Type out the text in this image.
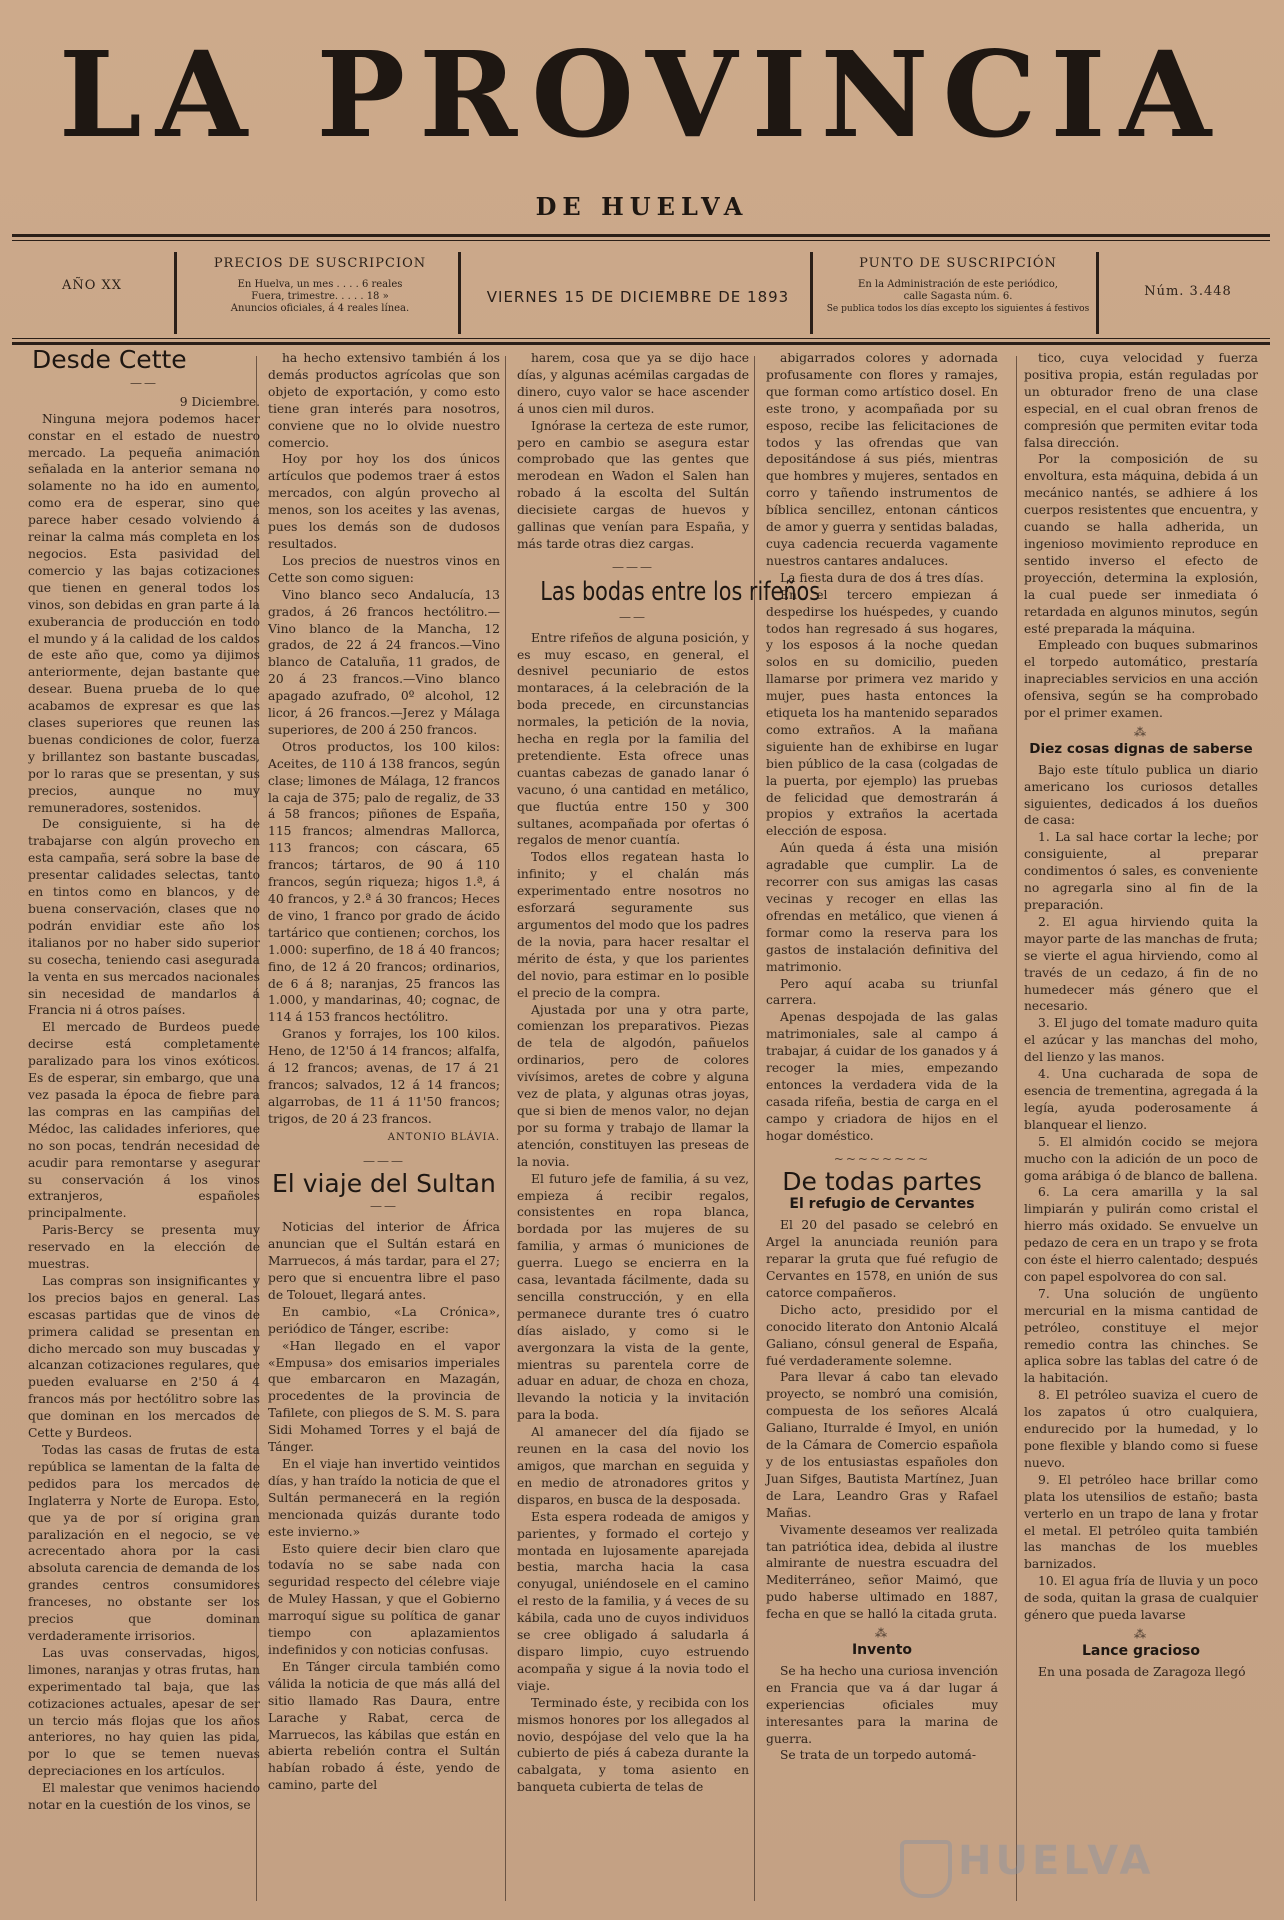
LA PROVINCIA
DE HUELVA
AÑO XX
PRECIOS DE SUSCRIPCION
En Huelva, un mes . . . . 6 reales
Fuera, trimestre. . . . . 18 »
Anuncios oficiales, á 4 reales línea.
VIERNES 15 DE DICIEMBRE DE 1893
PUNTO DE SUSCRIPCIÓN
En la Administración de este periódico,
calle Sagasta núm. 6.
Se publica todos los días excepto los siguientes á festivos
Núm. 3.448
Desde Cette
——

9 Diciembre.

Ninguna mejora podemos hacer constar en el estado de nuestro mercado. La pequeña animación señalada en la anterior semana no solamente no ha ido en aumento, como era de esperar, sino que parece haber cesado volviendo á reinar la calma más completa en los negocios. Esta pasividad del comercio y las bajas cotizaciones que tienen en general todos los vinos, son debidas en gran parte á la exuberancia de producción en todo el mundo y á la calidad de los caldos de este año que, como ya dijimos anteriormente, dejan bastante que desear. Buena prueba de lo que acabamos de expresar es que las clases superiores que reunen las buenas condiciones de color, fuerza y brillantez son bastante buscadas, por lo raras que se presentan, y sus precios, aunque no muy remuneradores, sostenidos.

De consiguiente, si ha de trabajarse con algún provecho en esta campaña, será sobre la base de presentar calidades selectas, tanto en tintos como en blancos, y de buena conservación, clases que no podrán envidiar este año los italianos por no haber sido superior su cosecha, teniendo casi asegurada la venta en sus mercados nacionales sin necesidad de mandarlos á Francia ni á otros países.

El mercado de Burdeos puede decirse está completamente paralizado para los vinos exóticos. Es de esperar, sin embargo, que una vez pasada la época de fiebre para las compras en las campiñas del Médoc, las calidades inferiores, que no son pocas, tendrán necesidad de acudir para remontarse y asegurar su conservación á los vinos extranjeros, españoles principalmente.

Paris-Bercy se presenta muy reservado en la elección de muestras.

Las compras son insignificantes y los precios bajos en general. Las escasas partidas que de vinos de primera calidad se presentan en dicho mercado son muy buscadas y alcanzan cotizaciones regulares, que pueden evaluarse en 2'50 á 4 francos más por hectólitro sobre las que dominan en los mercados de Cette y Burdeos.

Todas las casas de frutas de esta república se lamentan de la falta de pedidos para los mercados de Inglaterra y Norte de Europa. Esto, que ya de por sí origina gran paralización en el negocio, se ve acrecentado ahora por la casi absoluta carencia de demanda de los grandes centros consumidores franceses, no obstante ser los precios que dominan verdaderamente irrisorios.

Las uvas conservadas, higos, limones, naranjas y otras frutas, han experimentado tal baja, que las cotizaciones actuales, apesar de ser un tercio más flojas que los años anteriores, no hay quien las pida, por lo que se temen nuevas depreciaciones en los artículos.

El malestar que venimos haciendo notar en la cuestión de los vinos, se

ha hecho extensivo también á los demás productos agrícolas que son objeto de exportación, y como esto tiene gran interés para nosotros, conviene que no lo olvide nuestro comercio.

Hoy por hoy los dos únicos artículos que podemos traer á estos mercados, con algún provecho al menos, son los aceites y las avenas, pues los demás son de dudosos resultados.

Los precios de nuestros vinos en Cette son como siguen:

Vino blanco seco Andalucía, 13 grados, á 26 francos hectólitro.—Vino blanco de la Mancha, 12 grados, de 22 á 24 francos.—Vino blanco de Cataluña, 11 grados, de 20 á 23 francos.—Vino blanco apagado azufrado, 0º alcohol, 12 licor, á 26 francos.—Jerez y Málaga superiores, de 200 á 250 francos.

Otros productos, los 100 kilos: Aceites, de 110 á 138 francos, según clase; limones de Málaga, 12 francos la caja de 375; palo de regaliz, de 33 á 58 francos; piñones de España, 115 francos; almendras Mallorca, 113 francos; con cáscara, 65 francos; tártaros, de 90 á 110 francos, según riqueza; higos 1.ª, á 40 francos, y 2.ª á 30 francos; Heces de vino, 1 franco por grado de ácido tartárico que contienen; corchos, los 1.000: superfino, de 18 á 40 francos; fino, de 12 á 20 francos; ordinarios, de 6 á 8; naranjas, 25 francos las 1.000, y mandarinas, 40; cognac, de 114 á 153 francos hectólitro.

Granos y forrajes, los 100 kilos. Heno, de 12'50 á 14 francos; alfalfa, á 12 francos; avenas, de 17 á 21 francos; salvados, 12 á 14 francos; algarrobas, de 11 á 11'50 francos; trigos, de 20 á 23 francos.

ANTONIO BLÁVIA.
———
El viaje del Sultan
——

Noticias del interior de África anuncian que el Sultán estará en Marruecos, á más tardar, para el 27; pero que si encuentra libre el paso de Tolouet, llegará antes.

En cambio, «La Crónica», periódico de Tánger, escribe:

«Han llegado en el vapor «Empusa» dos emisarios imperiales que embarcaron en Mazagán, procedentes de la provincia de Tafilete, con pliegos de S. M. S. para Sidi Mohamed Torres y el bajá de Tánger.

En el viaje han invertido veintidos días, y han traído la noticia de que el Sultán permanecerá en la región mencionada quizás durante todo este invierno.»

Esto quiere decir bien claro que todavía no se sabe nada con seguridad respecto del célebre viaje de Muley Hassan, y que el Gobierno marroquí sigue su política de ganar tiempo con aplazamientos indefinidos y con noticias confusas.

En Tánger circula también como válida la noticia de que más allá del sitio llamado Ras Daura, entre Larache y Rabat, cerca de Marruecos, las kábilas que están en abierta rebelión contra el Sultán habían robado á éste, yendo de camino, parte del

harem, cosa que ya se dijo hace días, y algunas acémilas cargadas de dinero, cuyo valor se hace ascender á unos cien mil duros.

Ignórase la certeza de este rumor, pero en cambio se asegura estar comprobado que las gentes que merodean en Wadon el Salen han robado á la escolta del Sultán diecisiete cargas de huevos y gallinas que venían para España, y más tarde otras diez cargas.

———
Las bodas entre los rifeños
——

Entre rifeños de alguna posición, y es muy escaso, en general, el desnivel pecuniario de estos montaraces, á la celebración de la boda precede, en circunstancias normales, la petición de la novia, hecha en regla por la familia del pretendiente. Esta ofrece unas cuantas cabezas de ganado lanar ó vacuno, ó una cantidad en metálico, que fluctúa entre 150 y 300 sultanes, acompañada por ofertas ó regalos de menor cuantía.

Todos ellos regatean hasta lo infinito; y el chalán más experimentado entre nosotros no esforzará seguramente sus argumentos del modo que los padres de la novia, para hacer resaltar el mérito de ésta, y que los parientes del novio, para estimar en lo posible el precio de la compra.

Ajustada por una y otra parte, comienzan los preparativos. Piezas de tela de algodón, pañuelos ordinarios, pero de colores vivísimos, aretes de cobre y alguna vez de plata, y algunas otras joyas, que si bien de menos valor, no dejan por su forma y trabajo de llamar la atención, constituyen las preseas de la novia.

El futuro jefe de familia, á su vez, empieza á recibir regalos, consistentes en ropa blanca, bordada por las mujeres de su familia, y armas ó municiones de guerra. Luego se encierra en la casa, levantada fácilmente, dada su sencilla construcción, y en ella permanece durante tres ó cuatro días aislado, y como si le avergonzara la vista de la gente, mientras su parentela corre de aduar en aduar, de choza en choza, llevando la noticia y la invitación para la boda.

Al amanecer del día fijado se reunen en la casa del novio los amigos, que marchan en seguida y en medio de atronadores gritos y disparos, en busca de la desposada.

Esta espera rodeada de amigos y parientes, y formado el cortejo y montada en lujosamente aparejada bestia, marcha hacia la casa conyugal, uniéndosele en el camino el resto de la familia, y á veces de su kábila, cada uno de cuyos individuos se cree obligado á saludarla á disparo limpio, cuyo estruendo acompaña y sigue á la novia todo el viaje.

Terminado éste, y recibida con los mismos honores por los allegados al novio, despójase del velo que la ha cubierto de piés á cabeza durante la cabalgata, y toma asiento en banqueta cubierta de telas de

abigarrados colores y adornada profusamente con flores y ramajes, que forman como artístico dosel. En este trono, y acompañada por su esposo, recibe las felicitaciones de todos y las ofrendas que van depositándose á sus piés, mientras que hombres y mujeres, sentados en corro y tañendo instrumentos de bíblica sencillez, entonan cánticos de amor y guerra y sentidas baladas, cuya cadencia recuerda vagamente nuestros cantares andaluces.

La fiesta dura de dos á tres días.

En el tercero empiezan á despedirse los huéspedes, y cuando todos han regresado á sus hogares, y los esposos á la noche quedan solos en su domicilio, pueden llamarse por primera vez marido y mujer, pues hasta entonces la etiqueta los ha mantenido separados como extraños. A la mañana siguiente han de exhibirse en lugar bien público de la casa (colgadas de la puerta, por ejemplo) las pruebas de felicidad que demostrarán á propios y extraños la acertada elección de esposa.

Aún queda á ésta una misión agradable que cumplir. La de recorrer con sus amigas las casas vecinas y recoger en ellas las ofrendas en metálico, que vienen á formar como la reserva para los gastos de instalación definitiva del matrimonio.

Pero aquí acaba su triunfal carrera.

Apenas despojada de las galas matrimoniales, sale al campo á trabajar, á cuidar de los ganados y á recoger la mies, empezando entonces la verdadera vida de la casada rifeña, bestia de carga en el campo y criadora de hijos en el hogar doméstico.

~~~~~~~~
De todas partes
El refugio de Cervantes

El 20 del pasado se celebró en Argel la anunciada reunión para reparar la gruta que fué refugio de Cervantes en 1578, en unión de sus catorce compañeros.

Dicho acto, presidido por el conocido literato don Antonio Alcalá Galiano, cónsul general de España, fué verdaderamente solemne.

Para llevar á cabo tan elevado proyecto, se nombró una comisión, compuesta de los señores Alcalá Galiano, Iturralde é Imyol, en unión de la Cámara de Comercio española y de los entusiastas españoles don Juan Sifges, Bautista Martínez, Juan de Lara, Leandro Gras y Rafael Mañas.

Vivamente deseamos ver realizada tan patriótica idea, debida al ilustre almirante de nuestra escuadra del Mediterráneo, señor Maimó, que pudo haberse ultimado en 1887, fecha en que se halló la citada gruta.

⁂
Invento

Se ha hecho una curiosa invención en Francia que va á dar lugar á experiencias oficiales muy interesantes para la marina de guerra.

Se trata de un torpedo automá-

tico, cuya velocidad y fuerza positiva propia, están reguladas por un obturador freno de una clase especial, en el cual obran frenos de compresión que permiten evitar toda falsa dirección.

Por la composición de su envoltura, esta máquina, debida á un mecánico nantés, se adhiere á los cuerpos resistentes que encuentra, y cuando se halla adherida, un ingenioso movimiento reproduce en sentido inverso el efecto de proyección, determina la explosión, la cual puede ser inmediata ó retardada en algunos minutos, según esté preparada la máquina.

Empleado con buques submarinos el torpedo automático, prestaría inapreciables servicios en una acción ofensiva, según se ha comprobado por el primer examen.

⁂
Diez cosas dignas de saberse

Bajo este título publica un diario americano los curiosos detalles siguientes, dedicados á los dueños de casa:

1. La sal hace cortar la leche; por consiguiente, al preparar condimentos ó sales, es conveniente no agregarla sino al fin de la preparación.

2. El agua hirviendo quita la mayor parte de las manchas de fruta; se vierte el agua hirviendo, como al través de un cedazo, á fin de no humedecer más género que el necesario.

3. El jugo del tomate maduro quita el azúcar y las manchas del moho, del lienzo y las manos.

4. Una cucharada de sopa de esencia de trementina, agregada á la legía, ayuda poderosamente á blanquear el lienzo.

5. El almidón cocido se mejora mucho con la adición de un poco de goma arábiga ó de blanco de ballena.

6. La cera amarilla y la sal limpiarán y pulirán como cristal el hierro más oxidado. Se envuelve un pedazo de cera en un trapo y se frota con éste el hierro calentado; después con papel espolvorea do con sal.

7. Una solución de ungüento mercurial en la misma cantidad de petróleo, constituye el mejor remedio contra las chinches. Se aplica sobre las tablas del catre ó de la habitación.

8. El petróleo suaviza el cuero de los zapatos ú otro cualquiera, endurecido por la humedad, y lo pone flexible y blando como si fuese nuevo.

9. El petróleo hace brillar como plata los utensilios de estaño; basta verterlo en un trapo de lana y frotar el metal. El petróleo quita también las manchas de los muebles barnizados.

10. El agua fría de lluvia y un poco de soda, quitan la grasa de cualquier género que pueda lavarse

⁂
Lance gracioso

En una posada de Zaragoza llegó

HUELVA
